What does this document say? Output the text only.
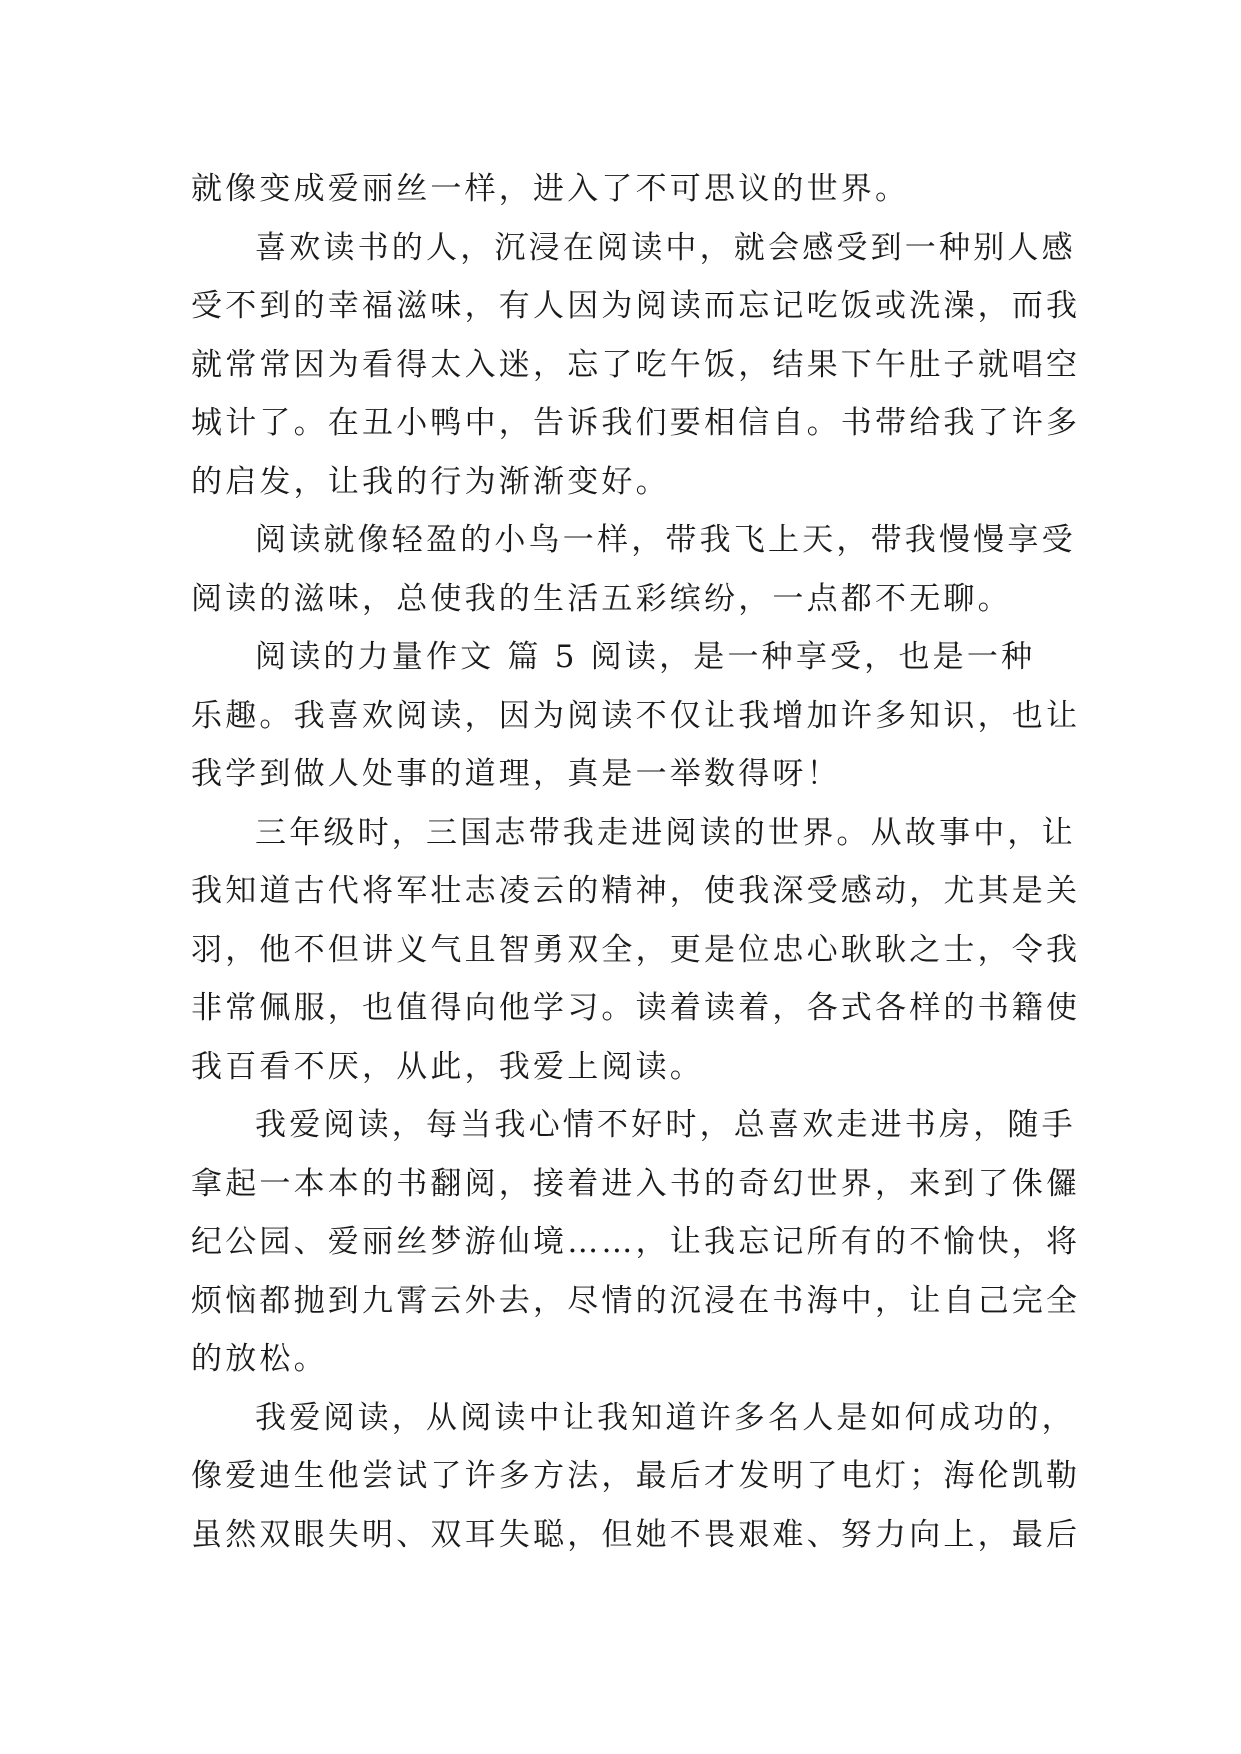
就像变成爱丽丝一样，进入了不可思议的世界。
喜欢读书的人，沉浸在阅读中，就会感受到一种别人感
受不到的幸福滋味，有人因为阅读而忘记吃饭或洗澡，而我
就常常因为看得太入迷，忘了吃午饭，结果下午肚子就唱空
城计了。在丑小鸭中，告诉我们要相信自。书带给我了许多
的启发，让我的行为渐渐变好。
阅读就像轻盈的小鸟一样，带我飞上天，带我慢慢享受
阅读的滋味，总使我的生活五彩缤纷，一点都不无聊。
阅读的力量作文 篇 5 阅读，是一种享受，也是一种
乐趣。我喜欢阅读，因为阅读不仅让我增加许多知识，也让
我学到做人处事的道理，真是一举数得呀！
三年级时，三国志带我走进阅读的世界。从故事中，让
我知道古代将军壮志凌云的精神，使我深受感动，尤其是关
羽，他不但讲义气且智勇双全，更是位忠心耿耿之士，令我
非常佩服，也值得向他学习。读着读着，各式各样的书籍使
我百看不厌，从此，我爱上阅读。
我爱阅读，每当我心情不好时，总喜欢走进书房，随手
拿起一本本的书翻阅，接着进入书的奇幻世界，来到了侏儸
纪公园、爱丽丝梦游仙境……，让我忘记所有的不愉快，将
烦恼都抛到九霄云外去，尽情的沉浸在书海中，让自己完全
的放松。
我爱阅读，从阅读中让我知道许多名人是如何成功的，
像爱迪生他尝试了许多方法，最后才发明了电灯；海伦凯勒
虽然双眼失明、双耳失聪，但她不畏艰难、努力向上，最后
